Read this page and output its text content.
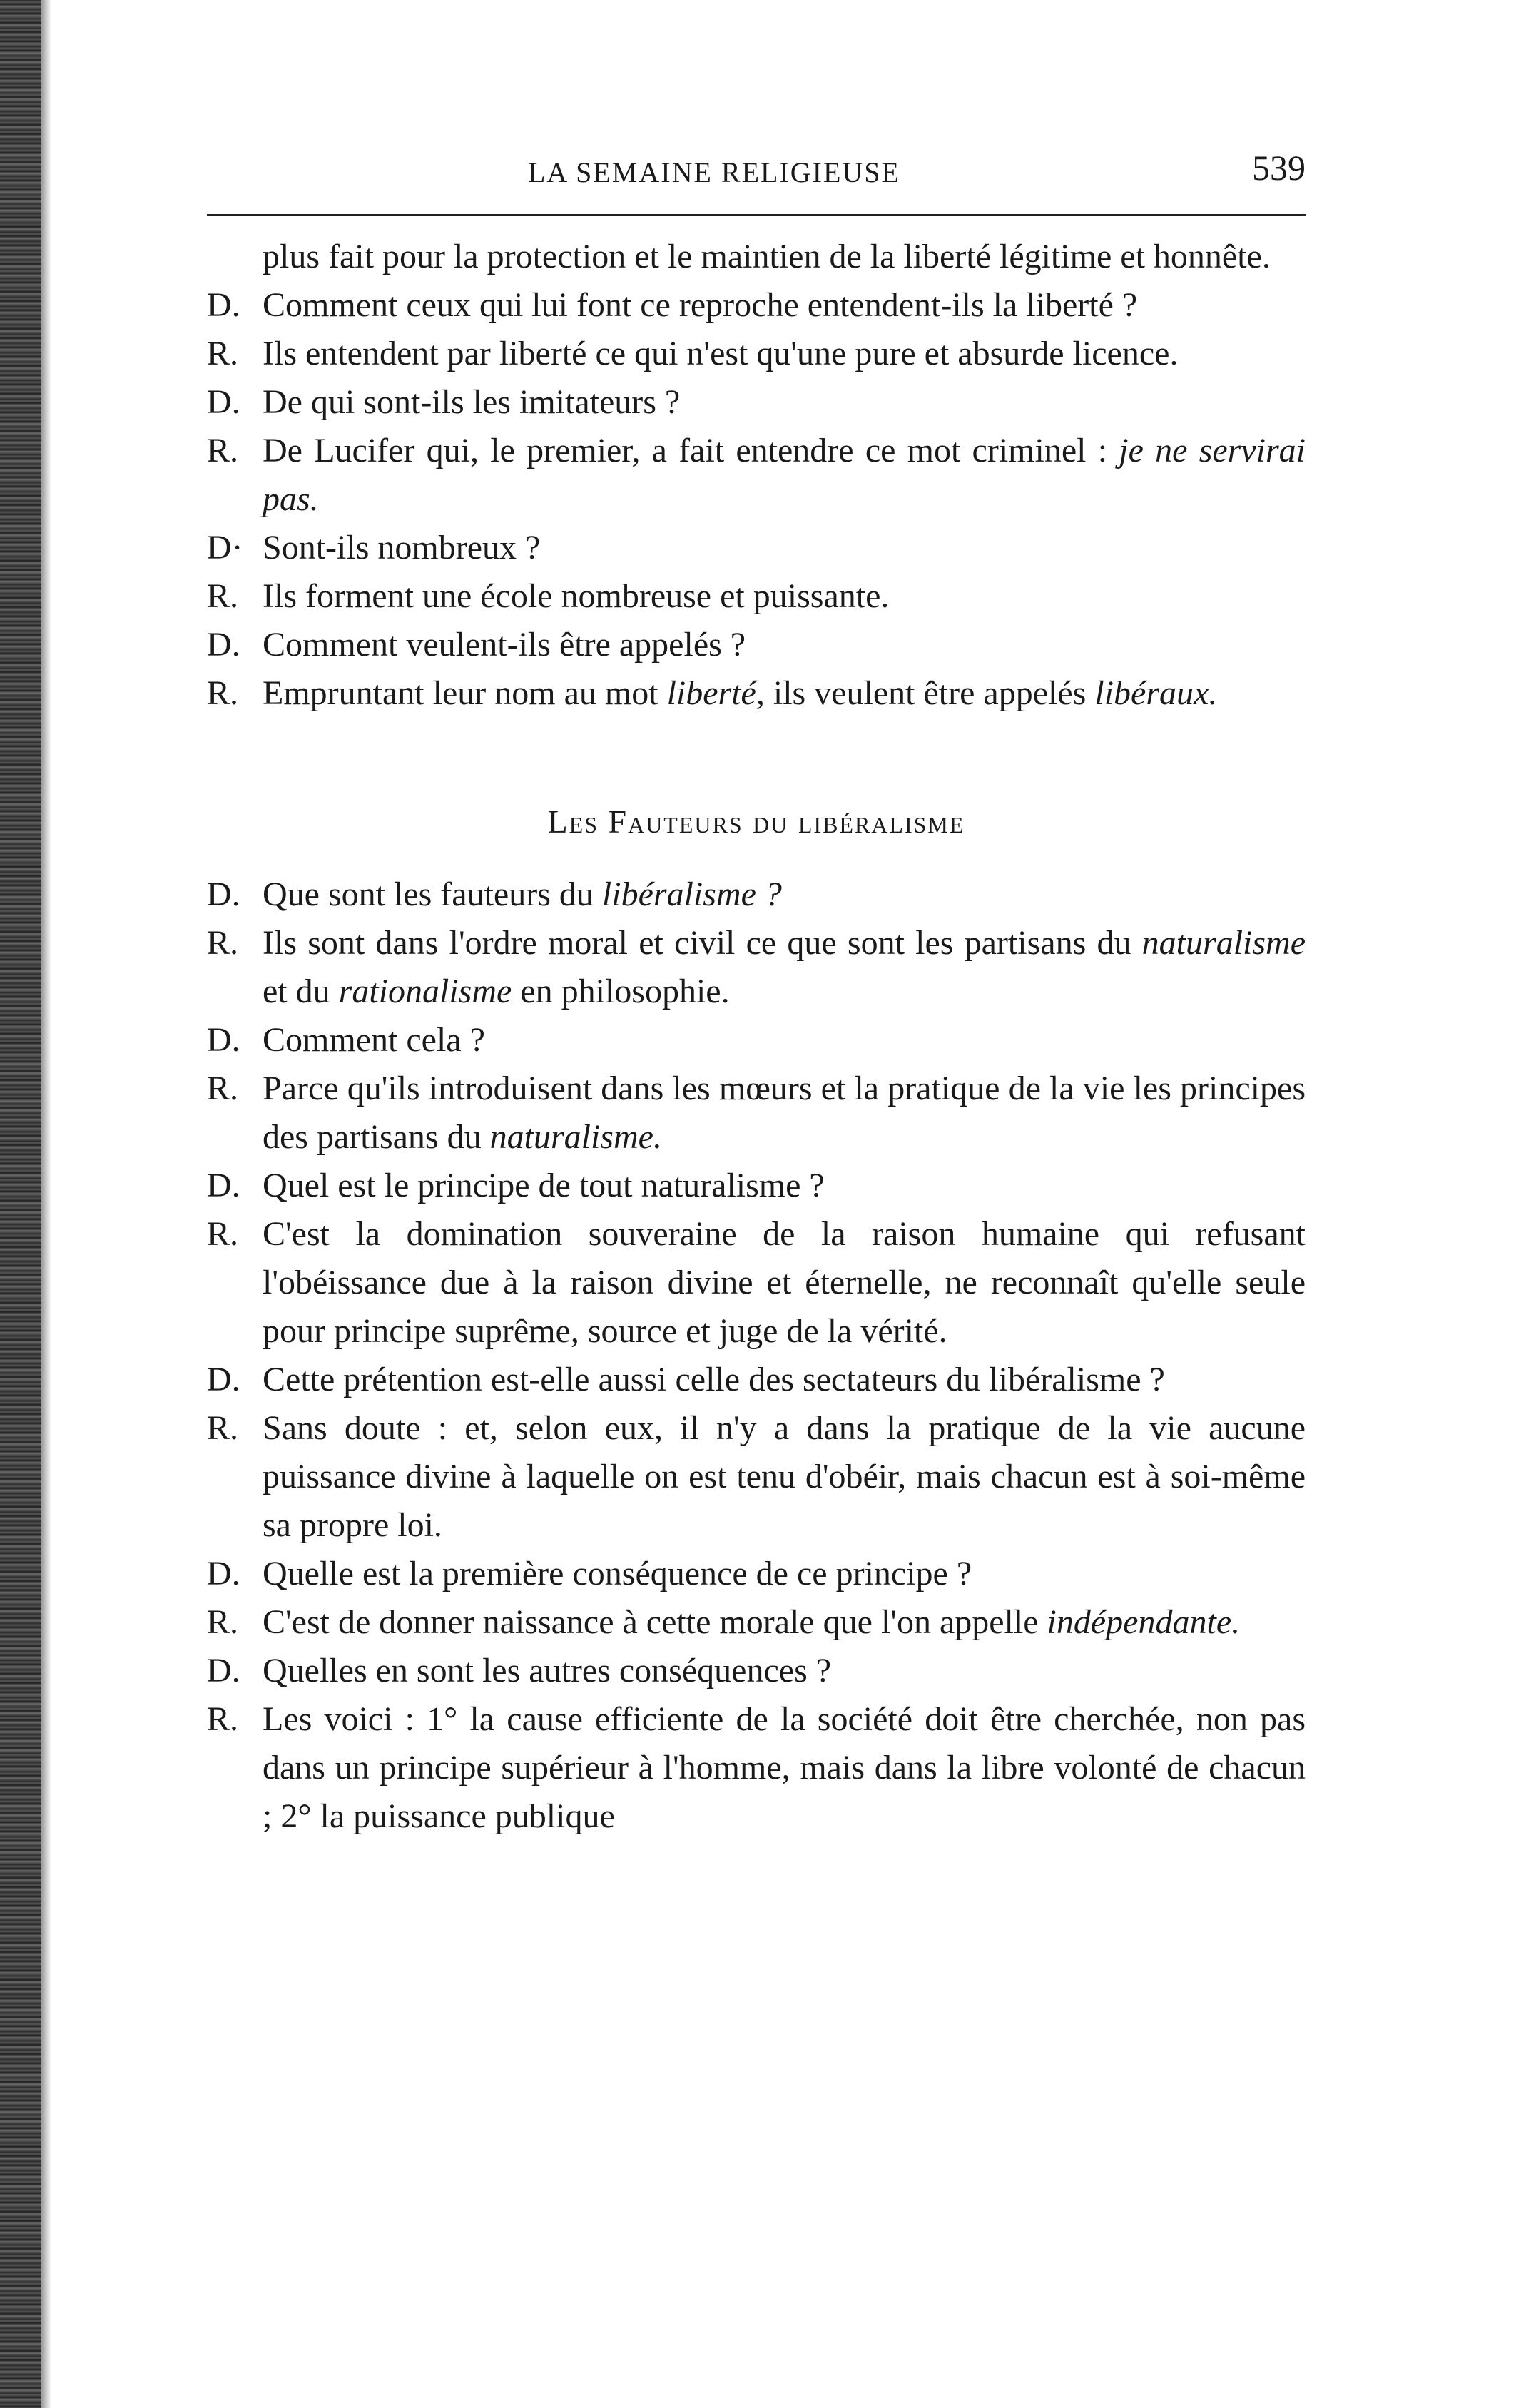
LA SEMAINE RELIGIEUSE	539

plus fait pour la protection et le maintien de la liberté légitime et honnête.

D. Comment ceux qui lui font ce reproche entendent-ils la liberté ?

R. Ils entendent par liberté ce qui n'est qu'une pure et absurde licence.

D. De qui sont-ils les imitateurs ?

R. De Lucifer qui, le premier, a fait entendre ce mot criminel : je ne servirai pas.

D· Sont-ils nombreux ?

R. Ils forment une école nombreuse et puissante.

D. Comment veulent-ils être appelés ?

R. Empruntant leur nom au mot liberté, ils veulent être appelés libéraux.

Les Fauteurs du libéralisme

D. Que sont les fauteurs du libéralisme ?

R. Ils sont dans l'ordre moral et civil ce que sont les partisans du naturalisme et du rationalisme en philosophie.

D. Comment cela ?

R. Parce qu'ils introduisent dans les mœurs et la pratique de la vie les principes des partisans du naturalisme.

D. Quel est le principe de tout naturalisme ?

R. C'est la domination souveraine de la raison humaine qui refusant l'obéissance due à la raison divine et éternelle, ne reconnaît qu'elle seule pour principe suprême, source et juge de la vérité.

D. Cette prétention est-elle aussi celle des sectateurs du libéralisme ?

R. Sans doute : et, selon eux, il n'y a dans la pratique de la vie aucune puissance divine à laquelle on est tenu d'obéir, mais chacun est à soi-même sa propre loi.

D. Quelle est la première conséquence de ce principe ?

R. C'est de donner naissance à cette morale que l'on appelle indépendante.

D. Quelles en sont les autres conséquences ?

R. Les voici : 1° la cause efficiente de la société doit être cherchée, non pas dans un principe supérieur à l'homme, mais dans la libre volonté de chacun ; 2° la puissance publique
